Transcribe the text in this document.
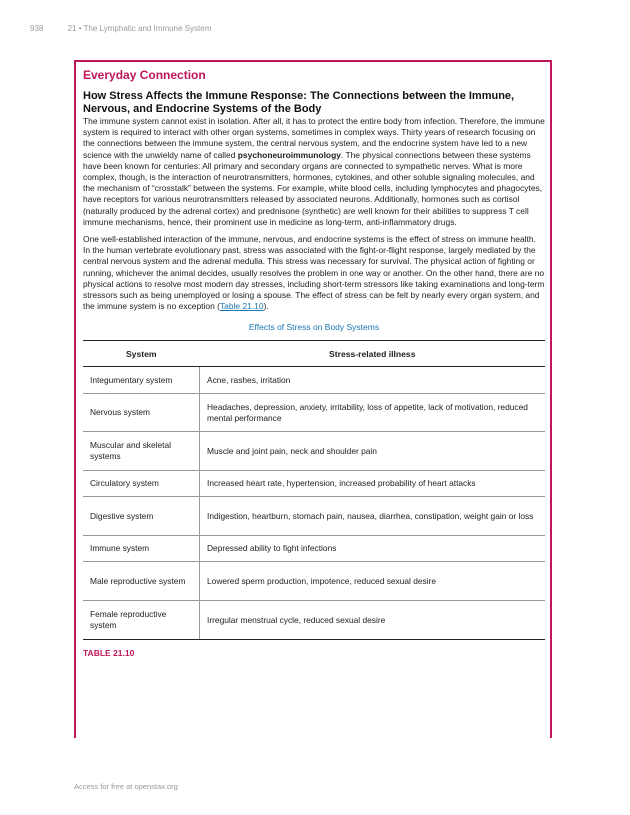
938	21 • The Lymphatic and Immune System
Everyday Connection
How Stress Affects the Immune Response: The Connections between the Immune, Nervous, and Endocrine Systems of the Body

The immune system cannot exist in isolation. After all, it has to protect the entire body from infection. Therefore, the immune system is required to interact with other organ systems, sometimes in complex ways. Thirty years of research focusing on the connections between the immune system, the central nervous system, and the endocrine system have led to a new science with the unwieldy name of called psychoneuroimmunology. The physical connections between these systems have been known for centuries: All primary and secondary organs are connected to sympathetic nerves. What is more complex, though, is the interaction of neurotransmitters, hormones, cytokines, and other soluble signaling molecules, and the mechanism of “crosstalk” between the systems. For example, white blood cells, including lymphocytes and phagocytes, have receptors for various neurotransmitters released by associated neurons. Additionally, hormones such as cortisol (naturally produced by the adrenal cortex) and prednisone (synthetic) are well known for their abilities to suppress T cell immune mechanisms, hence, their prominent use in medicine as long-term, anti-inflammatory drugs.

One well-established interaction of the immune, nervous, and endocrine systems is the effect of stress on immune health. In the human vertebrate evolutionary past, stress was associated with the fight-or-flight response, largely mediated by the central nervous system and the adrenal medulla. This stress was necessary for survival. The physical action of fighting or running, whichever the animal decides, usually resolves the problem in one way or another. On the other hand, there are no physical actions to resolve most modern day stresses, including short-term stressors like taking examinations and long-term stressors such as being unemployed or losing a spouse. The effect of stress can be felt by nearly every organ system, and the immune system is no exception (Table 21.10).

Effects of Stress on Body Systems
System	Stress-related illness
Integumentary system	Acne, rashes, irritation
Nervous system	Headaches, depression, anxiety, irritability, loss of appetite, lack of motivation, reduced mental performance
Muscular and skeletal systems	Muscle and joint pain, neck and shoulder pain
Circulatory system	Increased heart rate, hypertension, increased probability of heart attacks
Digestive system	Indigestion, heartburn, stomach pain, nausea, diarrhea, constipation, weight gain or loss
Immune system	Depressed ability to fight infections
Male reproductive system	Lowered sperm production, impotence, reduced sexual desire
Female reproductive system	Irregular menstrual cycle, reduced sexual desire
TABLE 21.10
Access for free at openstax.org
